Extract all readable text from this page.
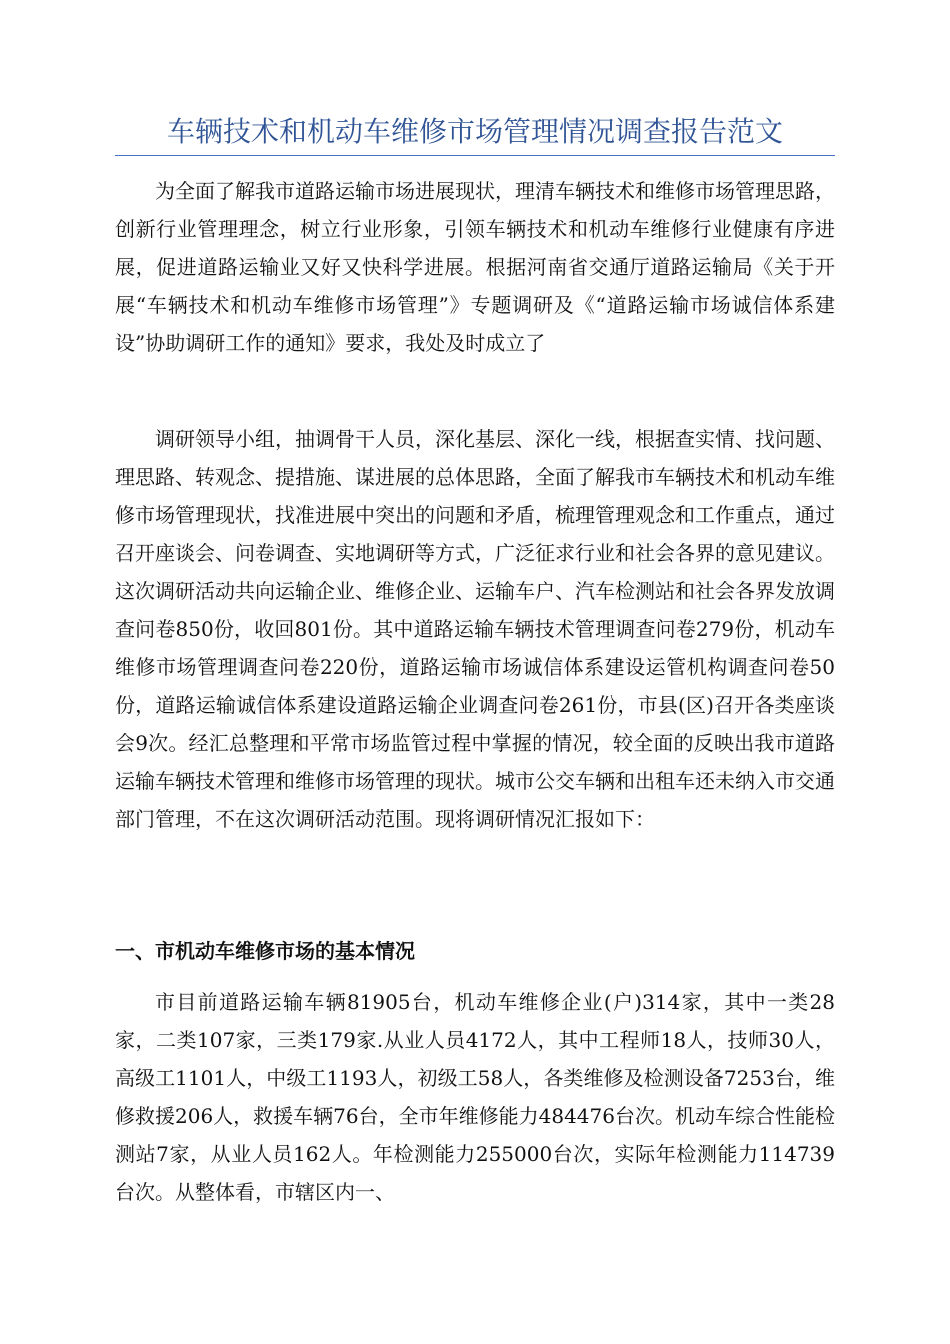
车辆技术和机动车维修市场管理情况调查报告范文

为全面了解我市道路运输市场进展现状，理清车辆技术和维修市场管理思路，创新行业管理理念，树立行业形象，引领车辆技术和机动车维修行业健康有序进展，促进道路运输业又好又快科学进展。根据河南省交通厅道路运输局《关于开展“车辆技术和机动车维修市场管理”》专题调研及《“道路运输市场诚信体系建设”协助调研工作的通知》要求，我处及时成立了

调研领导小组，抽调骨干人员，深化基层、深化一线，根据查实情、找问题、理思路、转观念、提措施、谋进展的总体思路，全面了解我市车辆技术和机动车维修市场管理现状，找准进展中突出的问题和矛盾，梳理管理观念和工作重点，通过召开座谈会、问卷调查、实地调研等方式，广泛征求行业和社会各界的意见建议。这次调研活动共向运输企业、维修企业、运输车户、汽车检测站和社会各界发放调查问卷850份，收回801份。其中道路运输车辆技术管理调查问卷279份，机动车维修市场管理调查问卷220份，道路运输市场诚信体系建设运管机构调查问卷50份，道路运输诚信体系建设道路运输企业调查问卷261份，市县(区)召开各类座谈会9次。经汇总整理和平常市场监管过程中掌握的情况，较全面的反映出我市道路运输车辆技术管理和维修市场管理的现状。城市公交车辆和出租车还未纳入市交通部门管理，不在这次调研活动范围。现将调研情况汇报如下：

一、市机动车维修市场的基本情况

市目前道路运输车辆81905台，机动车维修企业(户)314家，其中一类28家，二类107家，三类179家.从业人员4172人，其中工程师18人，技师30人，高级工1101人，中级工1193人，初级工58人，各类维修及检测设备7253台，维修救援206人，救援车辆76台，全市年维修能力484476台次。机动车综合性能检测站7家，从业人员162人。年检测能力255000台次，实际年检测能力114739台次。从整体看，市辖区内一、
